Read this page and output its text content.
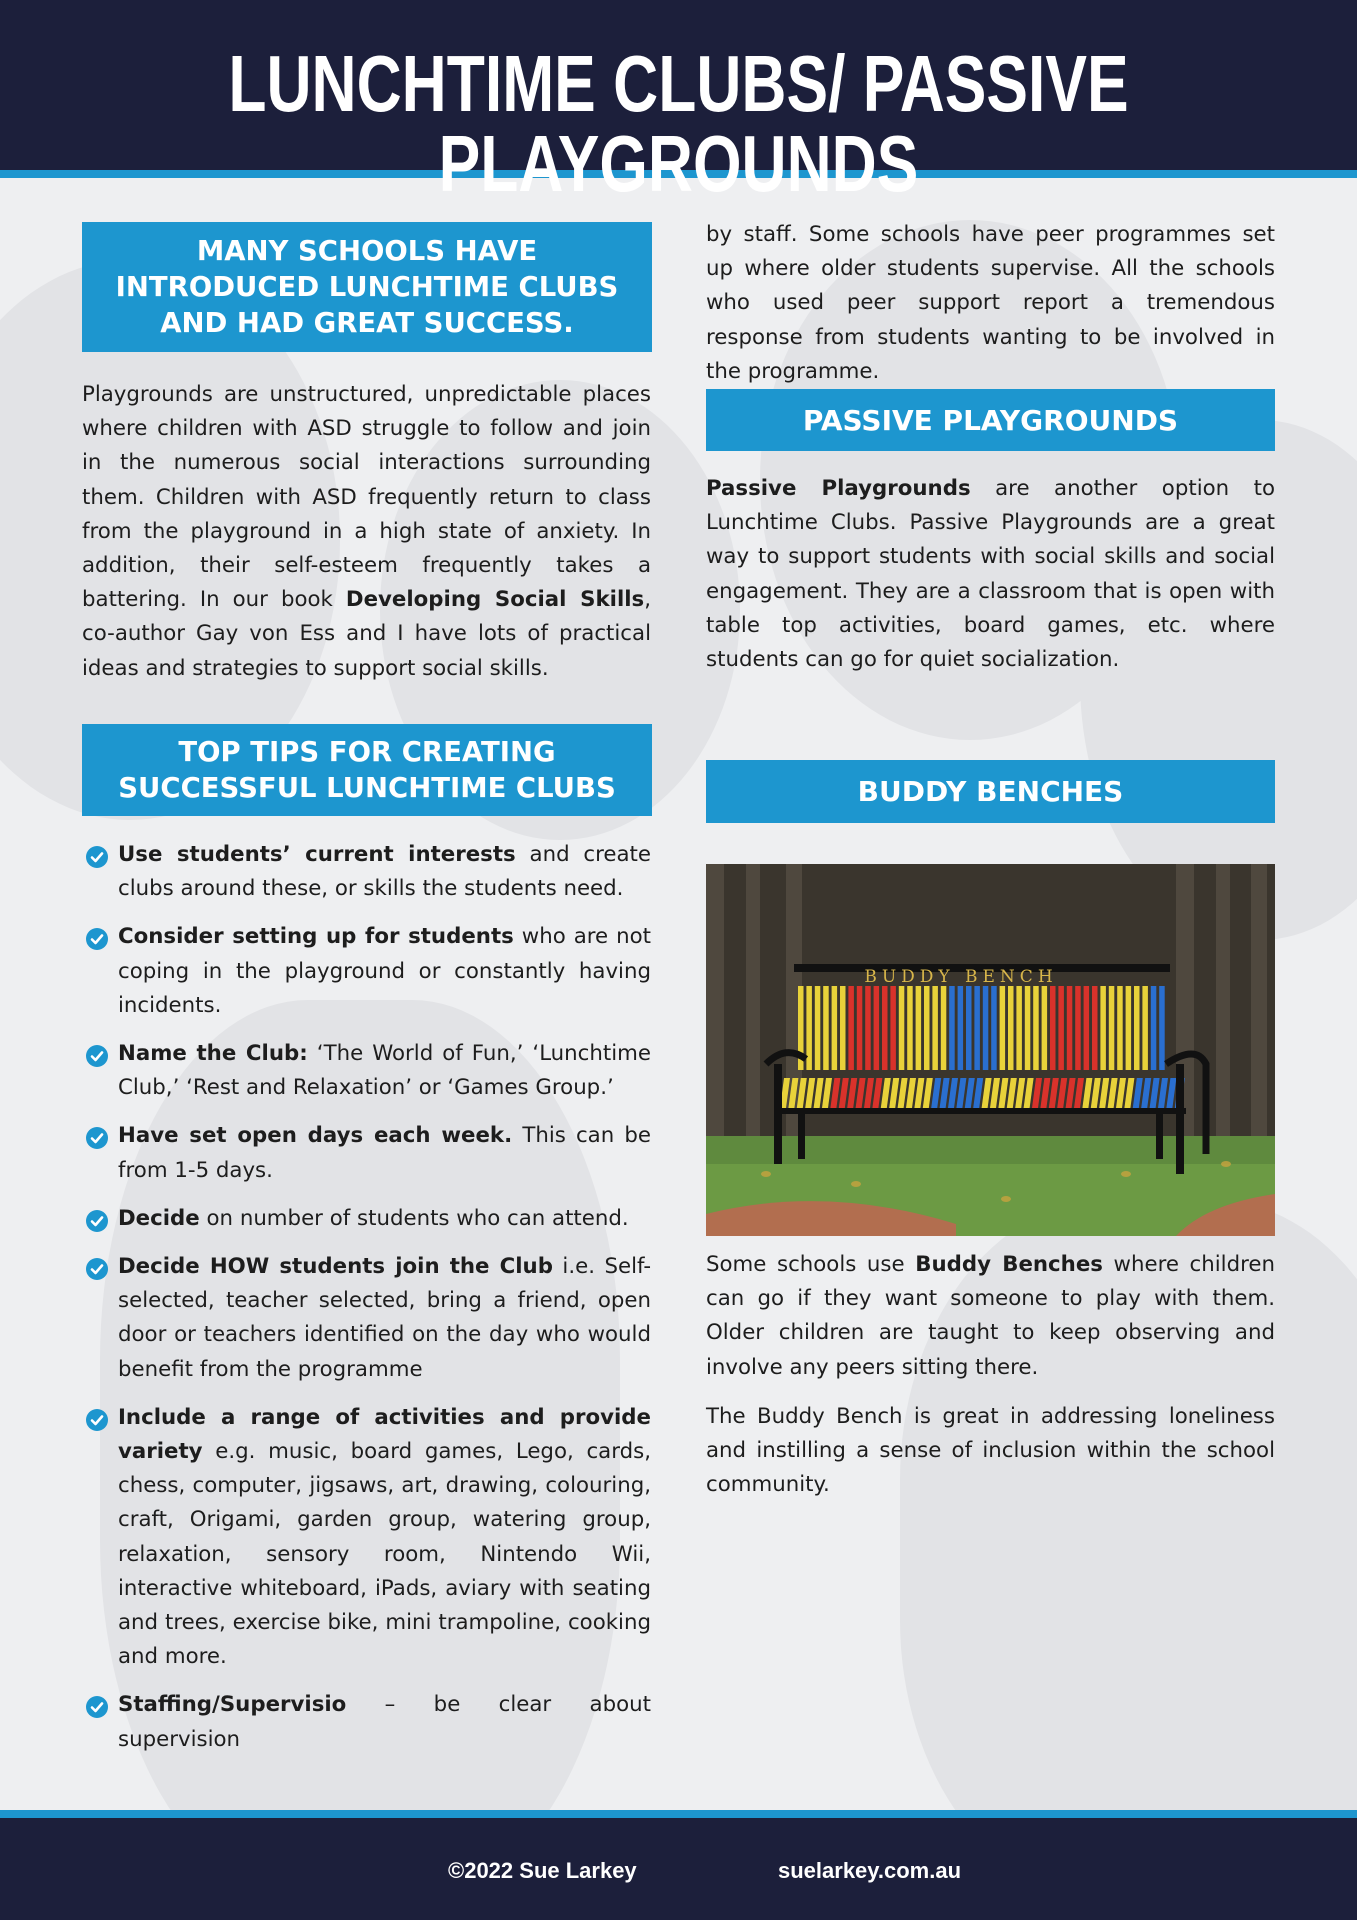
LUNCHTIME CLUBS/ PASSIVE PLAYGROUNDS
MANY SCHOOLS HAVE
INTRODUCED LUNCHTIME CLUBS
AND HAD GREAT SUCCESS.

Playgrounds are unstructured, unpredictable places where children with ASD struggle to follow and join in the numerous social interactions surrounding them. Children with ASD frequently return to class from the playground in a high state of anxiety. In addition, their self-esteem frequently takes a battering. In our book Developing Social Skills, co-author Gay von Ess and I have lots of practical ideas and strategies to support social skills.

TOP TIPS FOR CREATING
SUCCESSFUL LUNCHTIME CLUBS
Use students’ current interests and create clubs around these, or skills the students need.
Consider setting up for students who are not coping in the playground or constantly having incidents.
Name the Club: ‘The World of Fun,’ ‘Lunchtime Club,’ ‘Rest and Relaxation’ or ‘Games Group.’
Have set open days each week. This can be from 1-5 days.
Decide on number of students who can attend.
Decide HOW students join the Club i.e. Self-selected, teacher selected, bring a friend, open door or teachers identified on the day who would benefit from the programme
Include a range of activities and provide variety e.g. music, board games, Lego, cards, chess, computer, jigsaws, art, drawing, colouring, craft, Origami, garden group, watering group, relaxation, sensory room, Nintendo Wii, interactive whiteboard, iPads, aviary with seating and trees, exercise bike, mini trampoline, cooking and more.
Staffing/Supervisio – be clear about supervision

by staff. Some schools have peer programmes set up where older students supervise. All the schools who used peer support report a tremendous response from students wanting to be involved in the programme.

PASSIVE PLAYGROUNDS

Passive Playgrounds are another option to Lunchtime Clubs. Passive Playgrounds are a great way to support students with social skills and social engagement. They are a classroom that is open with table top activities, board games, etc. where students can go for quiet socialization.

BUDDY BENCHES
BUDDY BENCH

Some schools use Buddy Benches where children can go if they want someone to play with them. Older children are taught to keep observing and involve any peers sitting there.

The Buddy Bench is great in addressing loneliness and instilling a sense of inclusion within the school community.

©2022 Sue Larkey	suelarkey.com.au
